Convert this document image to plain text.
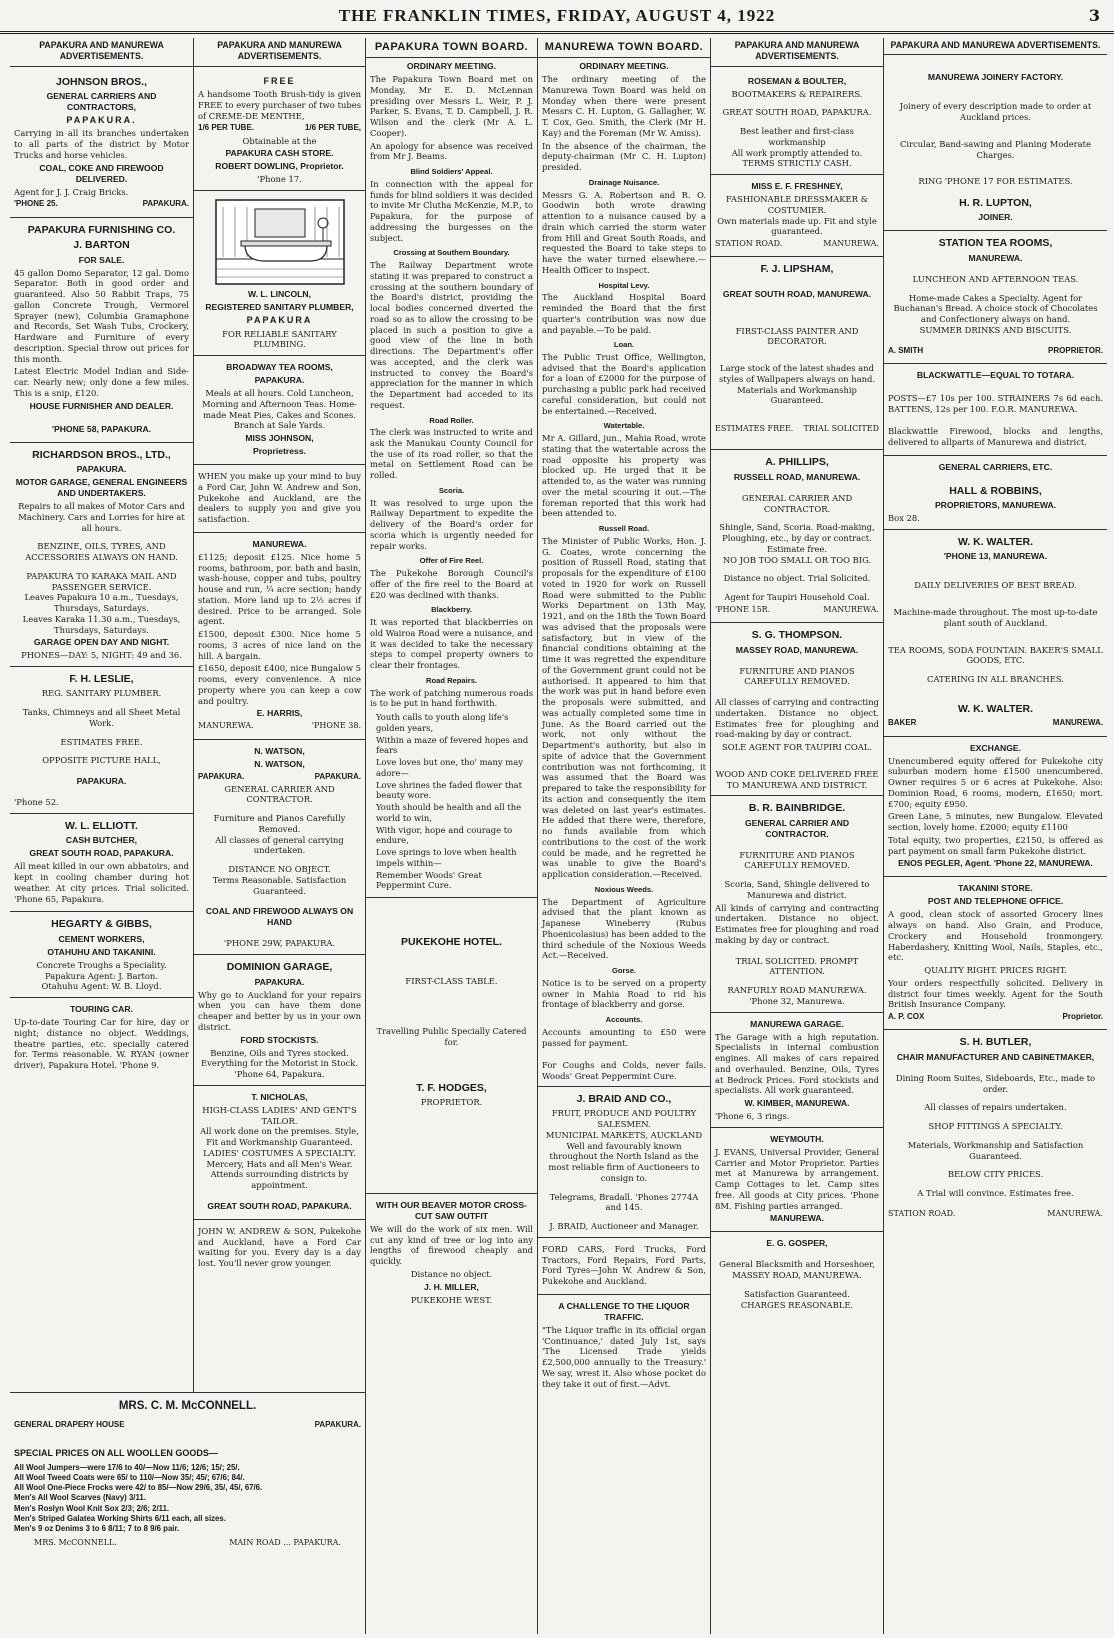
THE FRANKLIN TIMES, FRIDAY, AUGUST 4, 1922	3
PAPAKURA AND MANUREWA ADVERTISEMENTS.
JOHNSON BROS.,
GENERAL CARRIERS AND CONTRACTORS,
PAPAKURA.
Carrying in all its branches undertaken to all parts of the district by Motor Trucks and horse vehicles.
COAL, COKE AND FIREWOOD DELIVERED.
Agent for J. J. Craig Bricks.
'PHONE 25.	PAPAKURA.
PAPAKURA FURNISHING CO.
J. BARTON
FOR SALE.
45 gallon Domo Separator, 12 gal. Domo Separator. Both in good order and guaranteed. Also 50 Rabbit Traps, 75 gallon Concrete Trough, Vermorel Sprayer (new), Columbia Gramaphone and Records, Set Wash Tubs, Crockery, Hardware and Furniture of every description. Special throw out prices for this month.
Latest Electric Model Indian and Side-car. Nearly new; only done a few miles. This is a snip, £120.
HOUSE FURNISHER AND DEALER.
'PHONE 58, PAPAKURA.
RICHARDSON BROS., LTD.,
PAPAKURA.
MOTOR GARAGE, GENERAL ENGINEERS AND UNDERTAKERS.
Repairs to all makes of Motor Cars and Machinery. Cars and Lorries for hire at all hours.
BENZINE, OILS, TYRES, AND ACCESSORIES ALWAYS ON HAND.
PAPAKURA TO KARAKA MAIL AND PASSENGER SERVICE.
Leaves Papakura 10 a.m., Tuesdays, Thursdays, Saturdays.
Leaves Karaka 11.30 a.m., Tuesdays, Thursdays, Saturdays.
GARAGE OPEN DAY AND NIGHT.
PHONES—DAY: 5, NIGHT: 49 and 36.
F. H. LESLIE,
REG. SANITARY PLUMBER.
Tanks, Chimneys and all Sheet Metal Work.
ESTIMATES FREE.
OPPOSITE PICTURE HALL,
PAPAKURA.
'Phone 52.
W. L. ELLIOTT.
CASH BUTCHER,
GREAT SOUTH ROAD, PAPAKURA.
All meat killed in our own abbatoirs, and kept in cooling chamber during hot weather. At city prices. Trial solicited. 'Phone 65, Papakura.
HEGARTY & GIBBS,
CEMENT WORKERS,
OTAHUHU AND TAKANINI.
Concrete Troughs a Speciality.
Papakura Agent: J. Barton.
Otahuhu Agent: W. B. Lloyd.
TOURING CAR.
Up-to-date Touring Car for hire, day or night; distance no object. Weddings, theatre parties, etc. specially catered for. Terms reasonable. W. RYAN (owner driver), Papakura Hotel. 'Phone 9.
PAPAKURA AND MANUREWA ADVERTISEMENTS.
FREE
A handsome Tooth Brush-tidy is given FREE to every purchaser of two tubes of CREME-DE MENTHE,
1/6 PER TUBE.	1/6 PER TUBE,
Obtainable at the
PAPAKURA CASH STORE.
ROBERT DOWLING, Proprietor.
'Phone 17.
W. L. LINCOLN,
REGISTERED SANITARY PLUMBER,
PAPAKURA
FOR RELIABLE SANITARY PLUMBING.
BROADWAY TEA ROOMS,
PAPAKURA.
Meals at all hours. Cold Luncheon, Morning and Afternoon Teas. Home-made Meat Pies, Cakes and Scones. Branch at Sale Yards.
MISS JOHNSON,
Proprietress.
WHEN you make up your mind to buy a Ford Car, John W. Andrew and Son, Pukekohe and Auckland, are the dealers to supply you and give you satisfaction.
MANUREWA.
£1125; deposit £125. Nice home 5 rooms, bathroom, por. bath and basin, wash-house, copper and tubs, poultry house and run, ¼ acre section; handy station. More land up to 2½ acres if desired. Price to be arranged. Sole agent.
£1500, deposit £300. Nice home 5 rooms, 3 acres of nice land on the hill. A bargain.
£1650, deposit £400, nice Bungalow 5 rooms, every convenience. A nice property where you can keep a cow and poultry.
E. HARRIS,
MANUREWA.	'PHONE 38.
N. WATSON,
N. WATSON,
PAPAKURA.	PAPAKURA.
GENERAL CARRIER AND CONTRACTOR.
Furniture and Pianos Carefully Removed.
All classes of general carrying undertaken.
DISTANCE NO OBJECT.
Terms Reasonable. Satisfaction Guaranteed.
COAL AND FIREWOOD ALWAYS ON HAND
'PHONE 29W, PAPAKURA.
DOMINION GARAGE,
PAPAKURA.
Why go to Auckland for your repairs when you can have them done cheaper and better by us in your own district.
FORD STOCKISTS.
Benzine, Oils and Tyres stocked.
Everything for the Motorist in Stock. 'Phone 64, Papakura.
T. NICHOLAS,
HIGH-CLASS LADIES' AND GENT'S TAILOR.
All work done on the premises. Style, Fit and Workmanship Guaranteed.
LADIES' COSTUMES A SPECIALTY.
Mercery, Hats and all Men's Wear. Attends surrounding districts by appointment.
GREAT SOUTH ROAD, PAPAKURA.
JOHN W. ANDREW & SON, Pukekohe and Auckland, have a Ford Car waiting for you. Every day is a day lost. You'll never grow younger.
PAPAKURA TOWN BOARD.
ORDINARY MEETING.
The Papakura Town Board met on Monday, Mr E. D. McLennan presiding over Messrs L. Weir, P. J. Parker, S. Evans, T. D. Campbell, J. R. Wilson and the clerk (Mr A. L. Cooper).
An apology for absence was received from Mr J. Beams.
Blind Soldiers' Appeal.
In connection with the appeal for funds for blind soldiers it was decided to invite Mr Clutha McKenzie, M.P., to Papakura, for the purpose of addressing the burgesses on the subject.
Crossing at Southern Boundary.
The Railway Department wrote stating it was prepared to construct a crossing at the southern boundary of the Board's district, providing the local bodies concerned diverted the road so as to allow the crossing to be placed in such a position to give a good view of the line in both directions. The Department's offer was accepted, and the clerk was instructed to convey the Board's appreciation for the manner in which the Department had acceded to its request.
Road Roller.
The clerk was instructed to write and ask the Manukau County Council for the use of its road roller, so that the metal on Settlement Road can be rolled.
Scoria.
It was resolved to urge upon the Railway Department to expedite the delivery of the Board's order for scoria which is urgently needed for repair works.
Offer of Fire Reel.
The Pukekohe Borough Council's offer of the fire reel to the Board at £20 was declined with thanks.
Blackberry.
It was reported that blackberries on old Wairoa Road were a nuisance, and it was decided to take the necessary steps to compel property owners to clear their frontages.
Road Repairs.
The work of patching numerous roads is to be put in hand forthwith.
Youth calls to youth along life's golden years,
Within a maze of fevered hopes and fears
Love loves but one, tho' many may adore—
Love shrines the faded flower that beauty wore.
Youth should be health and all the world to win,
With vigor, hope and courage to endure,
Love springs to love when health impels within—
Remember Woods' Great Peppermint Cure.
PUKEKOHE HOTEL.
FIRST-CLASS TABLE.
Travelling Public Specially Catered for.
T. F. HODGES,
PROPRIETOR.
WITH OUR BEAVER MOTOR CROSS-CUT SAW OUTFIT
We will do the work of six men. Will cut any kind of tree or log into any lengths of firewood cheaply and quickly.
Distance no object.
J. H. MILLER,
PUKEKOHE WEST.
MANUREWA TOWN BOARD.
ORDINARY MEETING.
The ordinary meeting of the Manurewa Town Board was held on Monday when there were present Messrs C. H. Lupton, G. Gallagher, W. T. Cox, Geo. Smith, the Clerk (Mr H. Kay) and the Foreman (Mr W. Amiss).
In the absence of the chairman, the deputy-chairman (Mr C. H. Lupton) presided.
Drainage Nuisance.
Messrs G. A. Robertson and R. O. Goodwin both wrote drawing attention to a nuisance caused by a drain which carried the storm water from Hill and Great South Roads, and requested the Board to take steps to have the water turned elsewhere.—Health Officer to inspect.
Hospital Levy.
The Auckland Hospital Board reminded the Board that the first quarter's contribution was now due and payable.—To be paid.
Loan.
The Public Trust Office, Wellington, advised that the Board's application for a loan of £2000 for the purpose of purchasing a public park had received careful consideration, but could not be entertained.—Received.
Watertable.
Mr A. Gillard, jun., Mahia Road, wrote stating that the watertable across the road opposite his property was blocked up. He urged that it be attended to, as the water was running over the metal scouring it out.—The foreman reported that this work had been attended to.
Russell Road.
The Minister of Public Works, Hon. J. G. Coates, wrote concerning the position of Russell Road, stating that proposals for the expenditure of £100 voted in 1920 for work on Russell Road were submitted to the Public Works Department on 13th May, 1921, and on the 18th the Town Board was advised that the proposals were satisfactory, but in view of the financial conditions obtaining at the time it was regretted the expenditure of the Government grant could not be authorised. It appeared to him that the work was put in hand before even the proposals were submitted, and was actually completed some time in June. As the Board carried out the work, not only without the Department's authority, but also in spite of advice that the Government contribution was not forthcoming, it was assumed that the Board was prepared to take the responsibility for its action and consequently the item was deleted on last year's estimates. He added that there were, therefore, no funds available from which contributions to the cost of the work could be made, and he regretted he was unable to give the Board's application consideration.—Received.
Noxious Weeds.
The Department of Agriculture advised that the plant known as Japanese Wineberry (Rubus Phoenicolasius) has been added to the third schedule of the Noxious Weeds Act.—Received.
Gorse.
Notice is to be served on a property owner in Mahia Road to rid his frontage of blackberry and gorse.
Accounts.
Accounts amounting to £50 were passed for payment.
For Coughs and Colds, never fails. Woods' Great Peppermint Cure.
J. BRAID AND CO.,
FRUIT, PRODUCE AND POULTRY SALESMEN.
MUNICIPAL MARKETS, AUCKLAND
Well and favourably known throughout the North Island as the most reliable firm of Auctioneers to consign to.
Telegrams, Bradall. 'Phones 2774A and 145.
J. BRAID, Auctioneer and Manager.
FORD CARS, Ford Trucks, Ford Tractors, Ford Repairs, Ford Parts, Ford Tyres—John W. Andrew & Son, Pukekohe and Auckland.
A CHALLENGE TO THE LIQUOR TRAFFIC.
"The Liquor traffic in its official organ 'Continuance,' dated July 1st, says 'The Licensed Trade yields £2,500,000 annually to the Treasury.' We say, wrest it. Also whose pocket do they take it out of first.—Advt.
PAPAKURA AND MANUREWA ADVERTISEMENTS.
ROSEMAN & BOULTER,
BOOTMAKERS & REPAIRERS.
GREAT SOUTH ROAD, PAPAKURA.
Best leather and first-class workmanship
All work promptly attended to.
TERMS STRICTLY CASH.
MISS E. F. FRESHNEY,
FASHIONABLE DRESSMAKER & COSTUMIER.
Own materials made up. Fit and style guaranteed.
STATION ROAD.	MANUREWA.
F. J. LIPSHAM,
GREAT SOUTH ROAD, MANUREWA.
FIRST-CLASS PAINTER AND DECORATOR.
Large stock of the latest shades and styles of Wallpapers always on hand. Materials and Workmanship Guaranteed.
ESTIMATES FREE. TRIAL SOLICITED
A. PHILLIPS,
RUSSELL ROAD, MANUREWA.
GENERAL CARRIER AND CONTRACTOR.
Shingle, Sand, Scoria. Road-making, Ploughing, etc., by day or contract. Estimate free.
NO JOB TOO SMALL OR TOO BIG.
Distance no object. Trial Solicited.
Agent for Taupiri Household Coal.
'PHONE 15R.	MANUREWA.
S. G. THOMPSON.
MASSEY ROAD, MANUREWA.
FURNITURE AND PIANOS CAREFULLY REMOVED.
All classes of carrying and contracting undertaken. Distance no object. Estimates free for ploughing and road-making by day or contract.
SOLE AGENT FOR TAUPIRI COAL.
WOOD AND COKE DELIVERED FREE TO MANUREWA AND DISTRICT.
B. R. BAINBRIDGE.
GENERAL CARRIER AND CONTRACTOR.
FURNITURE AND PIANOS CAREFULLY REMOVED.
Scoria, Sand, Shingle delivered to Manurewa and district.
All kinds of carrying and contracting undertaken. Distance no object. Estimates free for ploughing and road making by day or contract.
TRIAL SOLICITED. PROMPT ATTENTION.
RANFURLY ROAD MANUREWA.
'Phone 32, Manurewa.
MANUREWA GARAGE.
The Garage with a high reputation. Specialists in internal combustion engines. All makes of cars repaired and overhauled. Benzine, Oils, Tyres at Bedrock Prices. Ford stockists and specialists. All work guaranteed.
W. KIMBER, MANUREWA.
'Phone 6, 3 rings.
WEYMOUTH.
J. EVANS, Universal Provider, General Carrier and Motor Proprietor. Parties met at Manurewa by arrangement. Camp Cottages to let. Camp sites free. All goods at City prices. 'Phone 8M. Fishing parties arranged.
MANUREWA.
E. G. GOSPER,
General Blacksmith and Horseshoer,
MASSEY ROAD, MANUREWA.
Satisfaction Guaranteed.
CHARGES REASONABLE.
PAPAKURA AND MANUREWA ADVERTISEMENTS.
MANUREWA JOINERY FACTORY.
Joinery of every description made to order at Auckland prices.
Circular, Band-sawing and Planing Moderate Charges.
RING 'PHONE 17 FOR ESTIMATES.
H. R. LUPTON,
JOINER.
STATION TEA ROOMS,
MANUREWA.
LUNCHEON AND AFTERNOON TEAS.
Home-made Cakes a Specialty. Agent for Buchanan's Bread. A choice stock of Chocolates and Confectionery always on hand.
SUMMER DRINKS AND BISCUITS.
A. SMITH	PROPRIETOR.
BLACKWATTLE—EQUAL TO TOTARA.
POSTS—£7 10s per 100. STRAINERS 7s 6d each. BATTENS, 12s per 100. F.O.R. MANUREWA.
Blackwattle Firewood, blocks and lengths, delivered to allparts of Manurewa and district.
GENERAL CARRIERS, ETC.
HALL & ROBBINS,
PROPRIETORS, MANUREWA.
Box 28.
W. K. WALTER.
'PHONE 13, MANUREWA.
DAILY DELIVERIES OF BEST BREAD.
Machine-made throughout. The most up-to-date plant south of Auckland.
TEA ROOMS, SODA FOUNTAIN. BAKER'S SMALL GOODS, ETC.
CATERING IN ALL BRANCHES.
W. K. WALTER.
BAKER	MANUREWA.
EXCHANGE.
Unencumbered equity offered for Pukekohe city suburban modern home £1500 unencumbered. Owner requires 5 or 6 acres at Pukekohe. Also: Dominion Road, 6 rooms, modern, £1650; mort. £700; equity £950.
Green Lane, 5 minutes, new Bungalow. Elevated section, lovely home. £2000; equity £1100
Total equity, two properties, £2150, is offered as part payment on small farm Pukekohe district.
ENOS PEGLER, Agent. 'Phone 22, MANUREWA.
TAKANINI STORE.
POST AND TELEPHONE OFFICE.
A good, clean stock of assorted Grocery lines always on hand. Also Grain, and Produce, Crockery and Household Ironmongery. Haberdashery, Knitting Wool, Nails, Staples, etc., etc.
QUALITY RIGHT. PRICES RIGHT.
Your orders respectfully solicited. Delivery in district four times weekly. Agent for the South British Insurance Company.
A. P. COX	Proprietor.
S. H. BUTLER,
CHAIR MANUFACTURER AND CABINETMAKER,
Dining Room Suites, Sideboards, Etc., made to order.
All classes of repairs undertaken.
SHOP FITTINGS A SPECIALTY.
Materials, Workmanship and Satisfaction Guaranteed.
BELOW CITY PRICES.
A Trial will convince. Estimates free.
STATION ROAD.	MANUREWA.
MRS. C. M. McCONNELL.
GENERAL DRAPERY HOUSE	PAPAKURA.
SPECIAL PRICES ON ALL WOOLLEN GOODS—
All Wool Jumpers—were 17/6 to 40/—Now 11/6; 12/6; 15/; 25/.
All Wool Tweed Coats were 65/ to 110/—Now 35/; 45/; 67/6; 84/.
All Wool One-Piece Frocks were 42/ to 85/—Now 29/6, 35/, 45/, 67/6.
Men's All Wool Scarves (Navy) 3/11.
Men's Roslyn Wool Knit Sox 2/3; 2/6; 2/11.
Men's Striped Galatea Working Shirts 6/11 each, all sizes.
Men's 9 oz Denims 3 to 6 8/11; 7 to 8 9/6 pair.
MRS. McCONNELL.	MAIN ROAD ... PAPAKURA.
